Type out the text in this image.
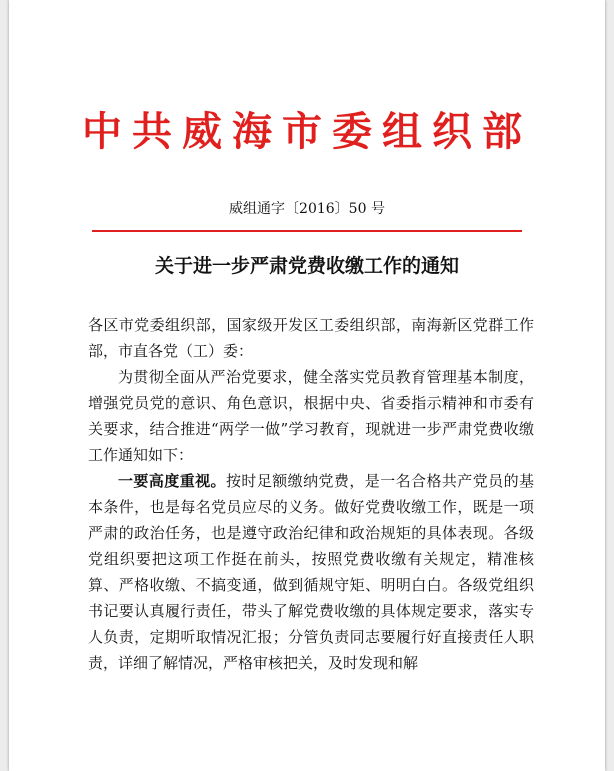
中共威海市委组织部
威组通字〔2016〕50 号
关于进一步严肃党费收缴工作的通知

各区市党委组织部，国家级开发区工委组织部，南海新区党群工作部，市直各党（工）委：

为贯彻全面从严治党要求，健全落实党员教育管理基本制度，增强党员党的意识、角色意识，根据中央、省委指示精神和市委有关要求，结合推进“两学一做”学习教育，现就进一步严肃党费收缴工作通知如下：

一要高度重视。按时足额缴纳党费，是一名合格共产党员的基本条件，也是每名党员应尽的义务。做好党费收缴工作，既是一项严肃的政治任务，也是遵守政治纪律和政治规矩的具体表现。各级党组织要把这项工作挺在前头，按照党费收缴有关规定，精准核算、严格收缴、不搞变通，做到循规守矩、明明白白。各级党组织书记要认真履行责任，带头了解党费收缴的具体规定要求，落实专人负责，定期听取情况汇报；分管负责同志要履行好直接责任人职责，详细了解情况，严格审核把关，及时发现和解
